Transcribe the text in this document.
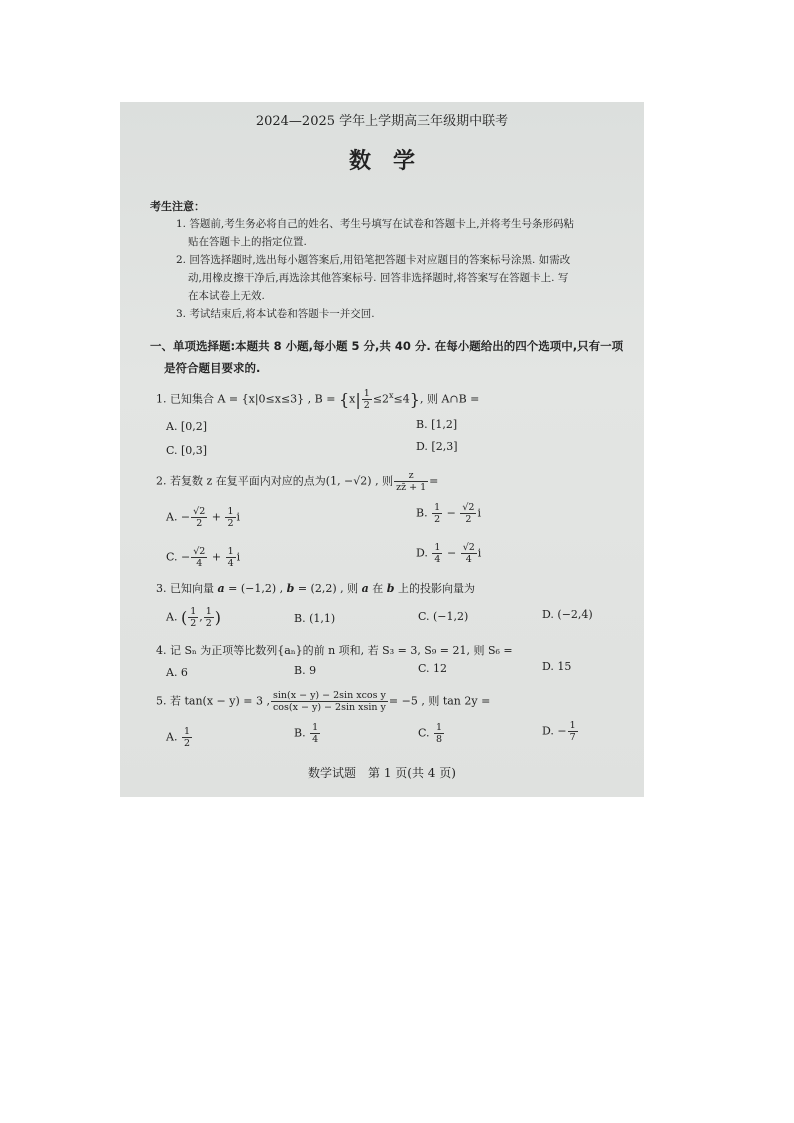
2024—2025 学年上学期高三年级期中联考
数学
考生注意：
1. 答题前,考生务必将自己的姓名、考生号填写在试卷和答题卡上,并将考生号条形码粘
贴在答题卡上的指定位置.
2. 回答选择题时,选出每小题答案后,用铅笔把答题卡对应题目的答案标号涂黑. 如需改
动,用橡皮擦干净后,再选涂其他答案标号. 回答非选择题时,将答案写在答题卡上. 写
在本试卷上无效.
3. 考试结束后,将本试卷和答题卡一并交回.
一、单项选择题:本题共 8 小题,每小题 5 分,共 40 分. 在每小题给出的四个选项中,只有一项
是符合题目要求的.
1. 已知集合 A = {x|0≤x≤3} , $B = \{x| \frac{1}{2} \le 2^x\le 4\}$, 则 A∩B =
A. [0,2]	B. [1,2]
C. [0,3]	D. [2,3]
2. 若复数 z 在复平面内对应的点为(1, −√2) , 则 $\frac{z}{zz̄ + 1}$ =
A. − $\frac{√2}{2} + \frac{1}{2}$ i	B. $\frac{1}{2} - \frac{√2}{2}$ i
C. − $\frac{√2}{4} + \frac{1}{4}$ i	D. $\frac{1}{4} - \frac{√2}{4}$ i
3. 已知向量 a = (−1,2) , b = (2,2) , 则 a 在 b 上的投影向量为
A. ( $\frac{1}{2}$ , $\frac{1}{2}$ )	B. (1,1)	C. (−1,2)	D. (−2,4)
4. 记 Sₙ 为正项等比数列{aₙ}的前 n 项和, 若 S₃ = 3, S₉ = 21, 则 S₆ =
A. 6	B. 9	C. 12	D. 15
5. 若 tan(x − y) = 3 , $\frac{\text{sin(x − y) − 2sin xcos y}}{\text{cos(x − y) − 2sin xsin y}} = -5$ , 则 tan 2y =
A. $\frac{1}{2}$	B. $\frac{1}{4}$	C. $\frac{1}{8}$	D. − $\frac{1}{7}$
数学试题　第 1 页(共 4 页)
